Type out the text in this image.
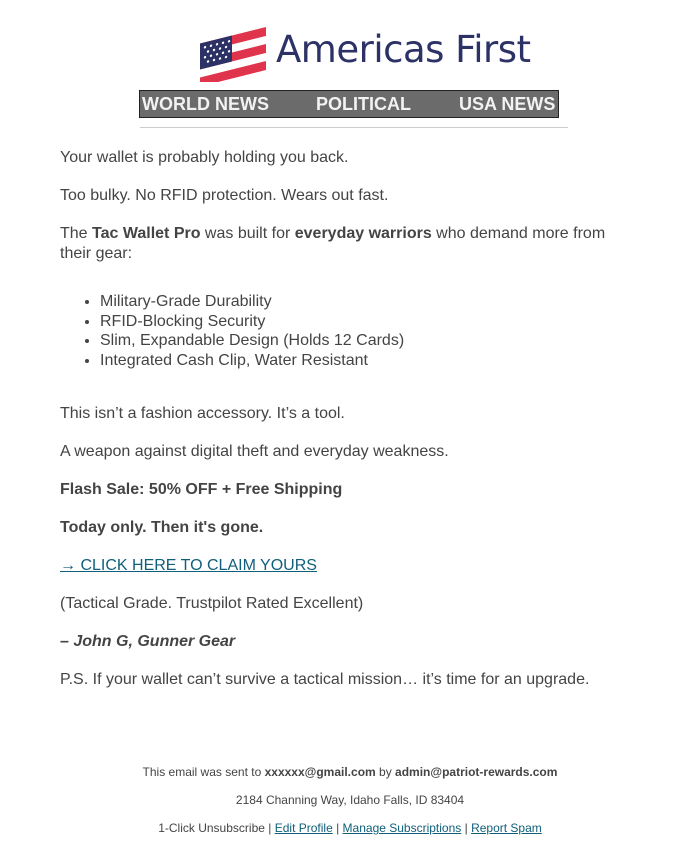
Americas First
WORLD NEWS	POLITICAL	USA NEWS

Your wallet is probably holding you back.

Too bulky. No RFID protection. Wears out fast.

The Tac Wallet Pro was built for everyday warriors who demand more from their gear:

• Military-Grade Durability
• RFID-Blocking Security
• Slim, Expandable Design (Holds 12 Cards)
• Integrated Cash Clip, Water Resistant

This isn’t a fashion accessory. It’s a tool.

A weapon against digital theft and everyday weakness.

Flash Sale: 50% OFF + Free Shipping

Today only. Then it's gone.

→ CLICK HERE TO CLAIM YOURS

(Tactical Grade. Trustpilot Rated Excellent)

– John G, Gunner Gear

P.S. If your wallet can’t survive a tactical mission… it’s time for an upgrade.

This email was sent to xxxxxx@gmail.com by admin@patriot-rewards.com

2184 Channing Way, Idaho Falls, ID 83404

1-Click Unsubscribe | Edit Profile | Manage Subscriptions | Report Spam
